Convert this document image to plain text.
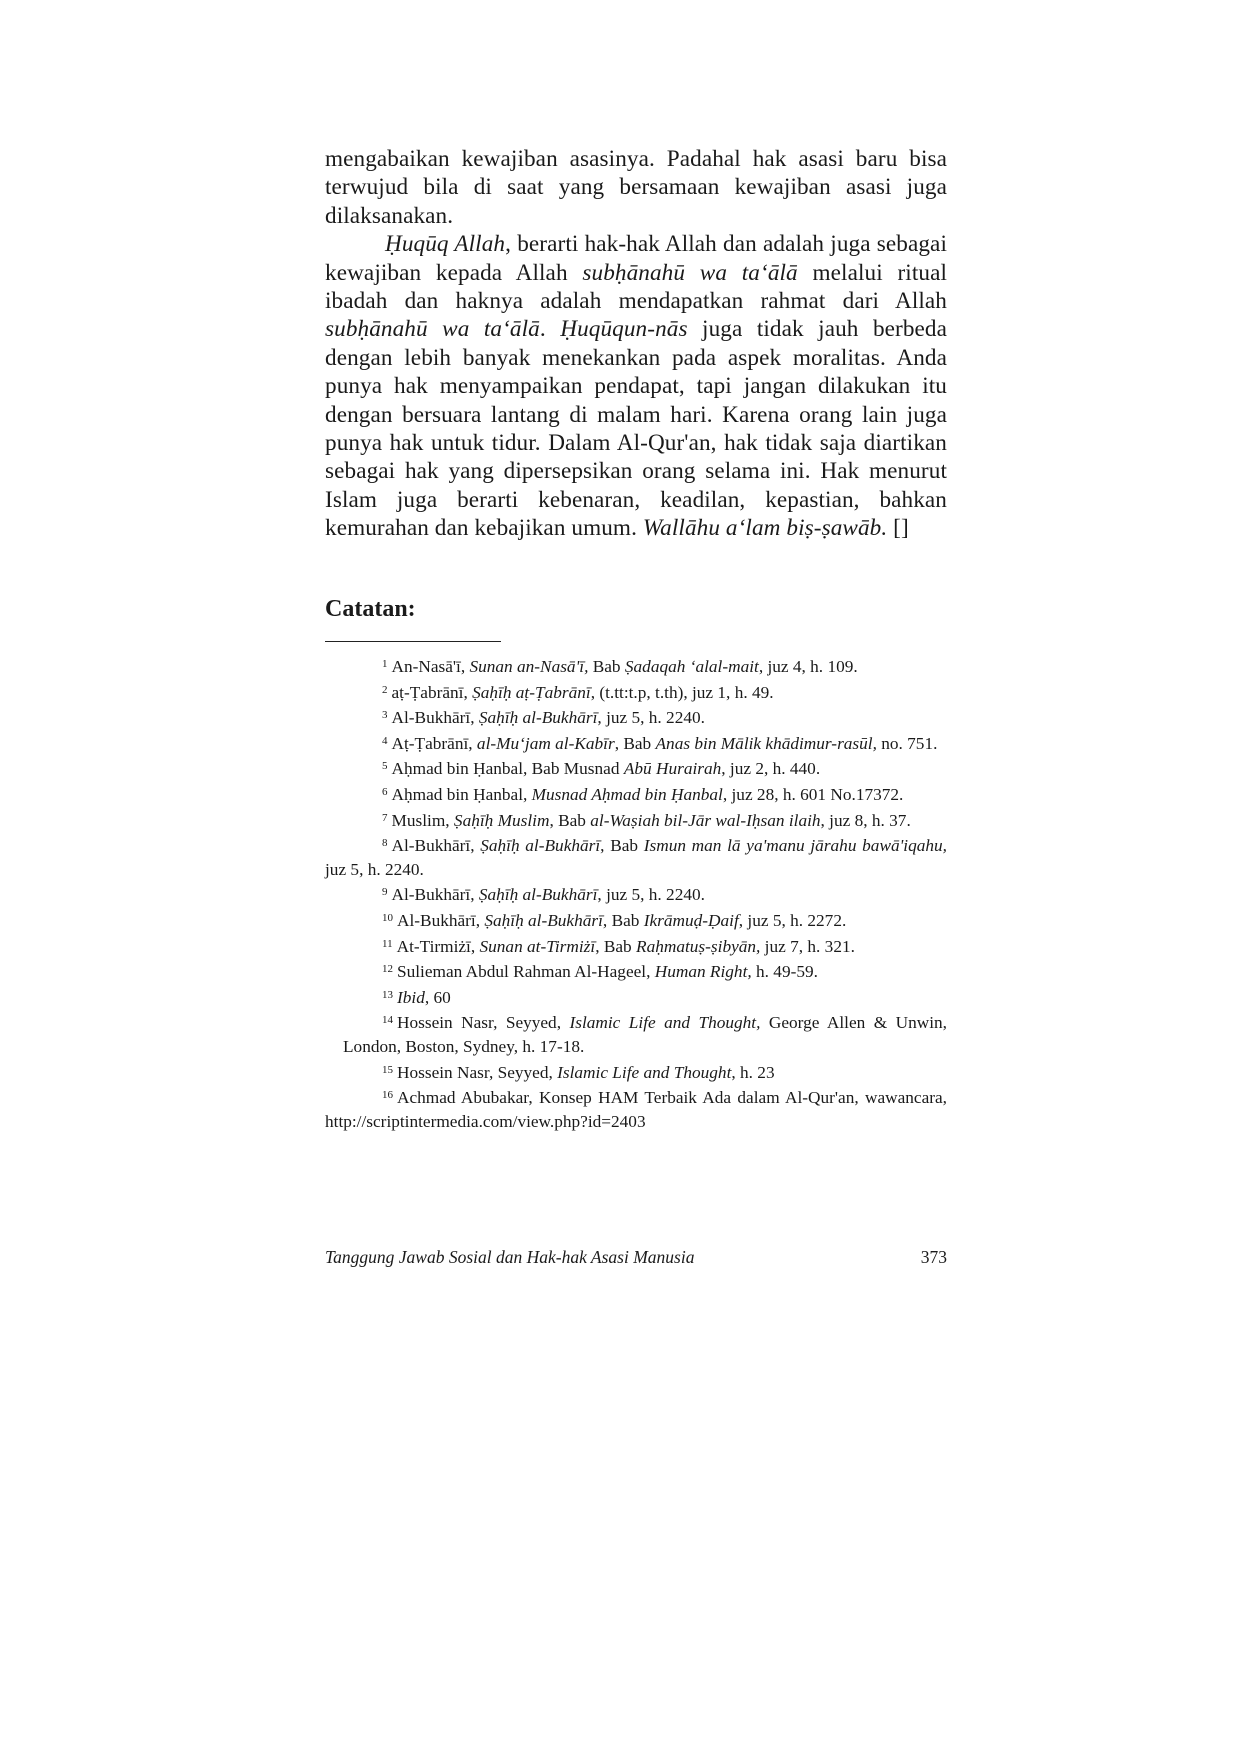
mengabaikan kewajiban asasinya. Padahal hak asasi baru bisa terwujud bila di saat yang bersamaan kewajiban asasi juga dilaksanakan.

Ḥuqūq Allah, berarti hak-hak Allah dan adalah juga sebagai kewajiban kepada Allah subḥānahū wa ta‘ālā melalui ritual ibadah dan haknya adalah mendapatkan rahmat dari Allah subḥānahū wa ta‘ālā. Ḥuqūqun-nās juga tidak jauh berbeda dengan lebih banyak menekankan pada aspek moralitas. Anda punya hak menyampaikan pendapat, tapi jangan dilakukan itu dengan bersuara lantang di malam hari. Karena orang lain juga punya hak untuk tidur. Dalam Al-Qur'an, hak tidak saja diartikan sebagai hak yang dipersepsikan orang selama ini. Hak menurut Islam juga berarti kebenaran, keadilan, kepastian, bahkan kemurahan dan kebajikan umum. Wallāhu a‘lam biṣ-ṣawāb. []

Catatan:

$^1$ An-Nasā'ī, Sunan an-Nasā'ī, Bab Ṣadaqah ‘alal-mait, juz 4, h. 109.

$^2$ aṭ-Ṭabrānī, Ṣaḥīḥ aṭ-Ṭabrānī, (t.tt:t.p, t.th), juz 1, h. 49.

$^3$ Al-Bukhārī, Ṣaḥīḥ al-Bukhārī, juz 5, h. 2240.

$^4$ Aṭ-Ṭabrānī, al-Mu‘jam al-Kabīr, Bab Anas bin Mālik khādimur-rasūl, no. 751.

$^5$ Aḥmad bin Ḥanbal, Bab Musnad Abū Hurairah, juz 2, h. 440.

$^6$ Aḥmad bin Ḥanbal, Musnad Aḥmad bin Ḥanbal, juz 28, h. 601 No.17372.

$^7$ Muslim, Ṣaḥīḥ Muslim, Bab al-Waṣiah bil-Jār wal-Iḥsan ilaih, juz 8, h. 37.

$^8$ Al-Bukhārī, Ṣaḥīḥ al-Bukhārī, Bab Ismun man lā ya'manu jārahu bawā'iqahu, juz 5, h. 2240.

$^9$ Al-Bukhārī, Ṣaḥīḥ al-Bukhārī, juz 5, h. 2240.

$^{10}$ Al-Bukhārī, Ṣaḥīḥ al-Bukhārī, Bab Ikrāmuḍ-Ḍaif, juz 5, h. 2272.

$^{11}$ At-Tirmiżī, Sunan at-Tirmiżī, Bab Raḥmatuṣ-ṣibyān, juz 7, h. 321.

$^{12}$ Sulieman Abdul Rahman Al-Hageel, Human Right, h. 49-59.

$^{13}$ Ibid, 60

$^{14}$ Hossein Nasr, Seyyed, Islamic Life and Thought, George Allen & Unwin, London, Boston, Sydney, h. 17-18.

$^{15}$ Hossein Nasr, Seyyed, Islamic Life and Thought, h. 23

$^{16}$ Achmad Abubakar, Konsep HAM Terbaik Ada dalam Al-Qur'an, wawancara, http://scriptintermedia.com/view.php?id=2403

Tanggung Jawab Sosial dan Hak-hak Asasi Manusia	373
